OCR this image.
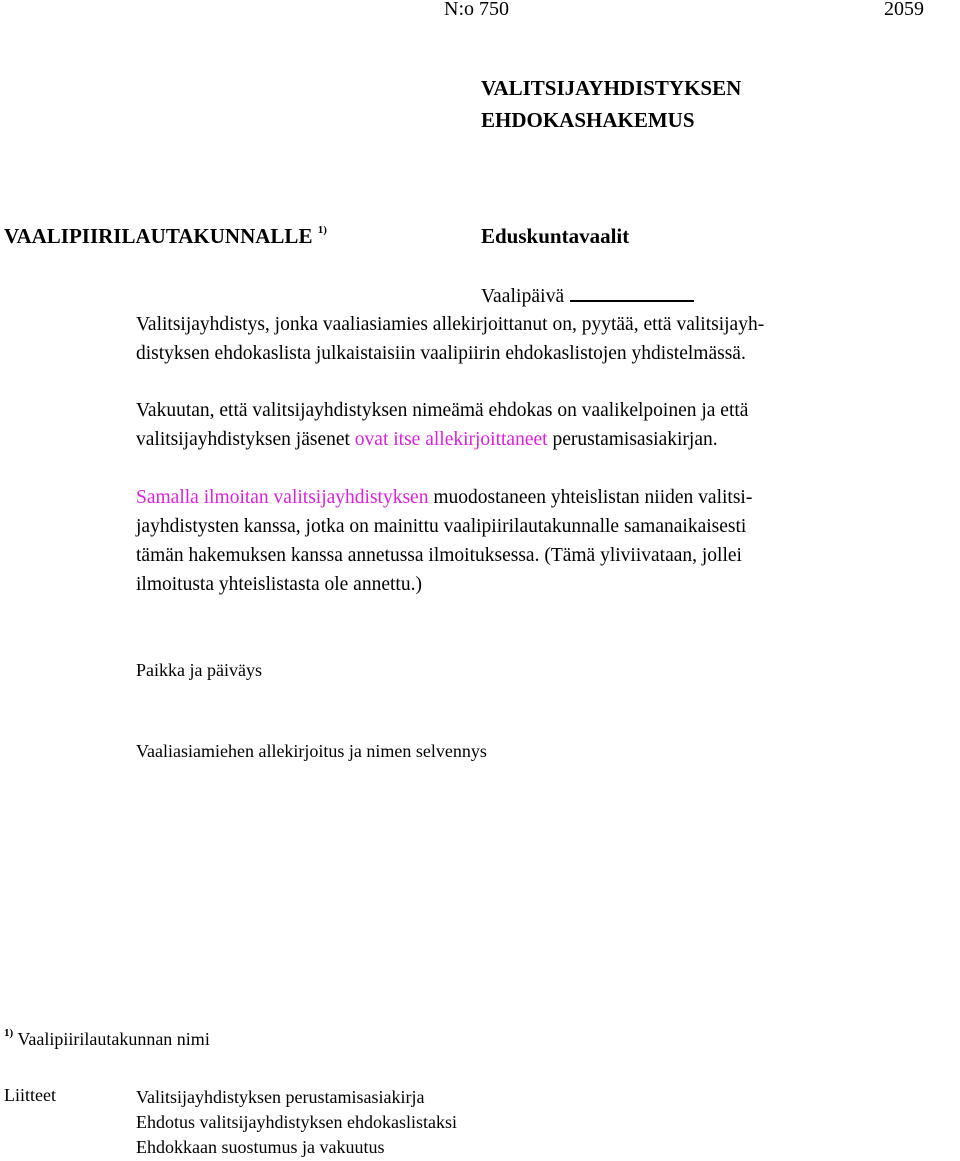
N:o 750	2059
VALITSIJAYHDISTYKSEN
EHDOKASHAKEMUS
VAALIPIIRILAUTAKUNNALLE $^{1)}$	Eduskuntavaalit
Vaalipäivä

Valitsijayhdistys, jonka vaaliasiamies allekirjoittanut on, pyytää, että valitsijayh-

distyksen ehdokaslista julkaistaisiin vaalipiirin ehdokaslistojen yhdistelmässä.

Vakuutan, että valitsijayhdistyksen nimeämä ehdokas on vaalikelpoinen ja että

valitsijayhdistyksen jäsenet ovat itse allekirjoittaneet perustamisasiakirjan.

Samalla ilmoitan valitsijayhdistyksen muodostaneen yhteislistan niiden valitsi-

jayhdistysten kanssa, jotka on mainittu vaalipiirilautakunnalle samanaikaisesti

tämän hakemuksen kanssa annetussa ilmoituksessa. (Tämä yliviivataan, jollei

ilmoitusta yhteislistasta ole annettu.)

Paikka ja päiväys
Vaaliasiamiehen allekirjoitus ja nimen selvennys
$^{1)}$ Vaalipiirilautakunnan nimi
Liitteet	Valitsijayhdistyksen perustamisasiakirja
Ehdotus valitsijayhdistyksen ehdokaslistaksi
Ehdokkaan suostumus ja vakuutus
